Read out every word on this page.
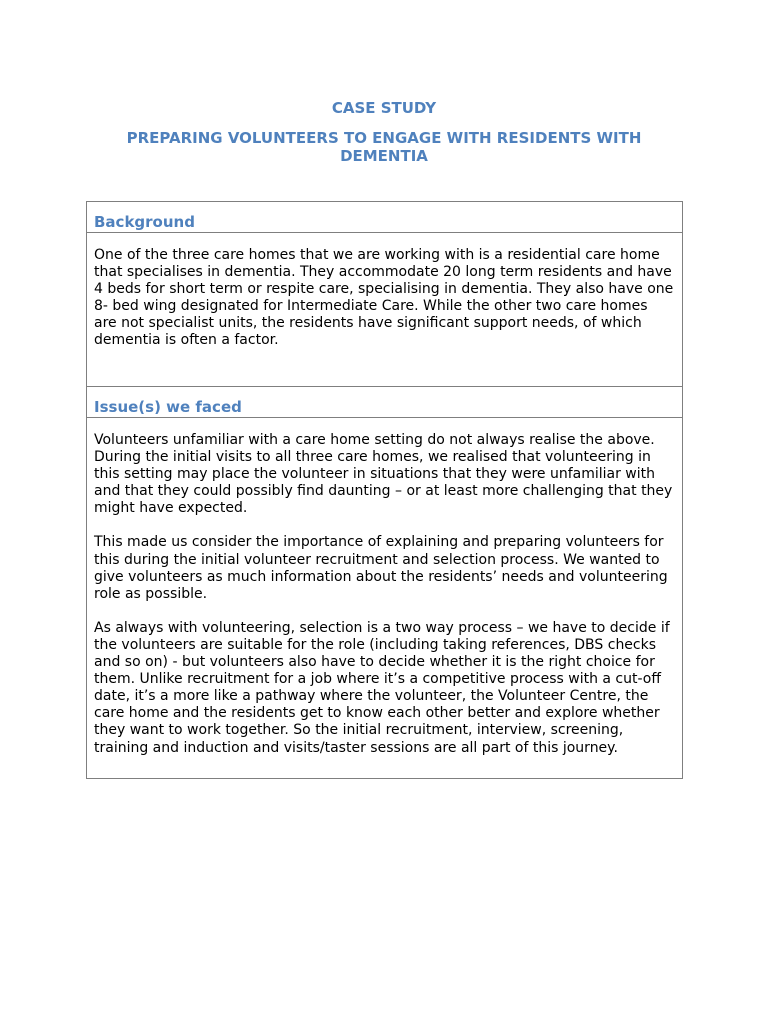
CASE STUDY
PREPARING VOLUNTEERS TO ENGAGE WITH RESIDENTS WITH DEMENTIA
Background

One of the three care homes that we are working with is a residential care home that specialises in dementia. They accommodate 20 long term residents and have 4 beds for short term or respite care, specialising in dementia. They also have one 8- bed wing designated for Intermediate Care. While the other two care homes are not specialist units, the residents have significant support needs, of which dementia is often a factor.

Issue(s) we faced

Volunteers unfamiliar with a care home setting do not always realise the above. During the initial visits to all three care homes, we realised that volunteering in this setting may place the volunteer in situations that they were unfamiliar with and that they could possibly find daunting – or at least more challenging that they might have expected.

This made us consider the importance of explaining and preparing volunteers for this during the initial volunteer recruitment and selection process. We wanted to give volunteers as much information about the residents’ needs and volunteering role as possible.

As always with volunteering, selection is a two way process – we have to decide if the volunteers are suitable for the role (including taking references, DBS checks and so on) - but volunteers also have to decide whether it is the right choice for them. Unlike recruitment for a job where it’s a competitive process with a cut-off date, it’s a more like a pathway where the volunteer, the Volunteer Centre, the care home and the residents get to know each other better and explore whether they want to work together. So the initial recruitment, interview, screening, training and induction and visits/taster sessions are all part of this journey.
